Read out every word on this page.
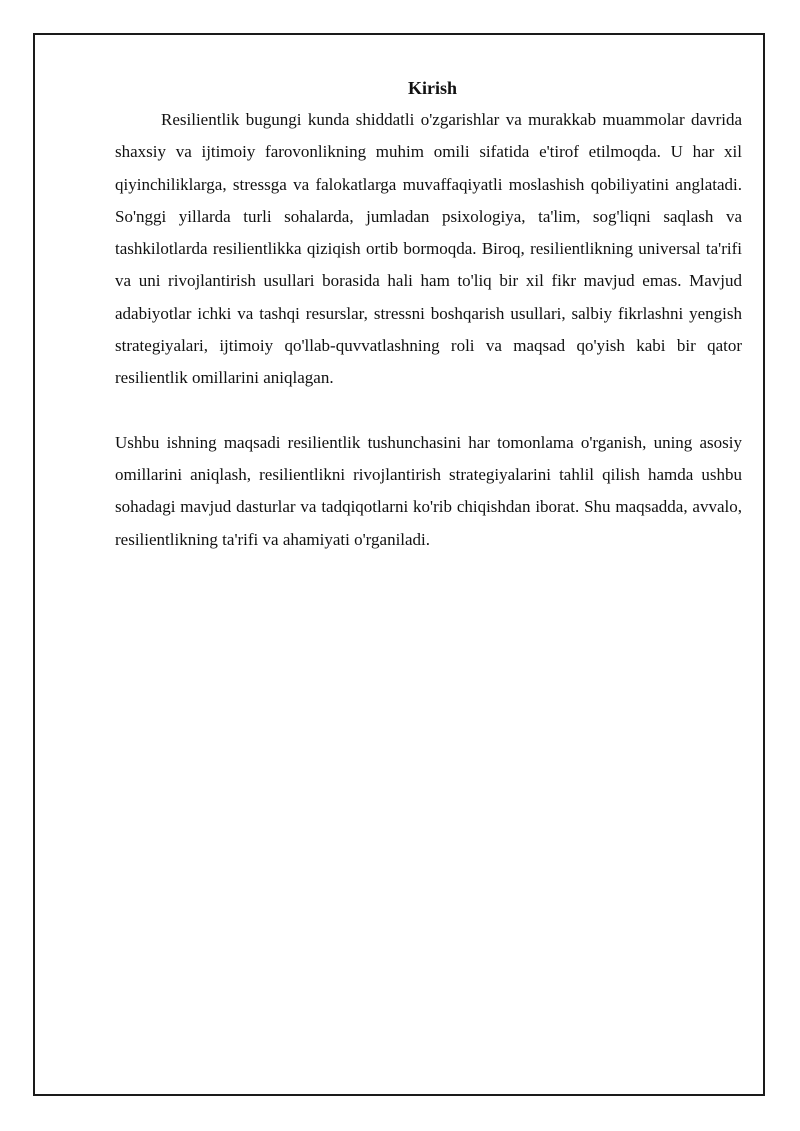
Kirish

Resilientlik bugungi kunda shiddatli o'zgarishlar va murakkab muammolar davrida shaxsiy va ijtimoiy farovonlikning muhim omili sifatida e'tirof etilmoqda. U har xil qiyinchiliklarga, stressga va falokatlarga muvaffaqiyatli moslashish qobiliyatini anglatadi. So'nggi yillarda turli sohalarda, jumladan psixologiya, ta'lim, sog'liqni saqlash va tashkilotlarda resilientlikka qiziqish ortib bormoqda. Biroq, resilientlikning universal ta'rifi va uni rivojlantirish usullari borasida hali ham to'liq bir xil fikr mavjud emas. Mavjud adabiyotlar ichki va tashqi resurslar, stressni boshqarish usullari, salbiy fikrlashni yengish strategiyalari, ijtimoiy qo'llab-quvvatlashning roli va maqsad qo'yish kabi bir qator resilientlik omillarini aniqlagan.

Ushbu ishning maqsadi resilientlik tushunchasini har tomonlama o'rganish, uning asosiy omillarini aniqlash, resilientlikni rivojlantirish strategiyalarini tahlil qilish hamda ushbu sohadagi mavjud dasturlar va tadqiqotlarni ko'rib chiqishdan iborat. Shu maqsadda, avvalo, resilientlikning ta'rifi va ahamiyati o'rganiladi.
